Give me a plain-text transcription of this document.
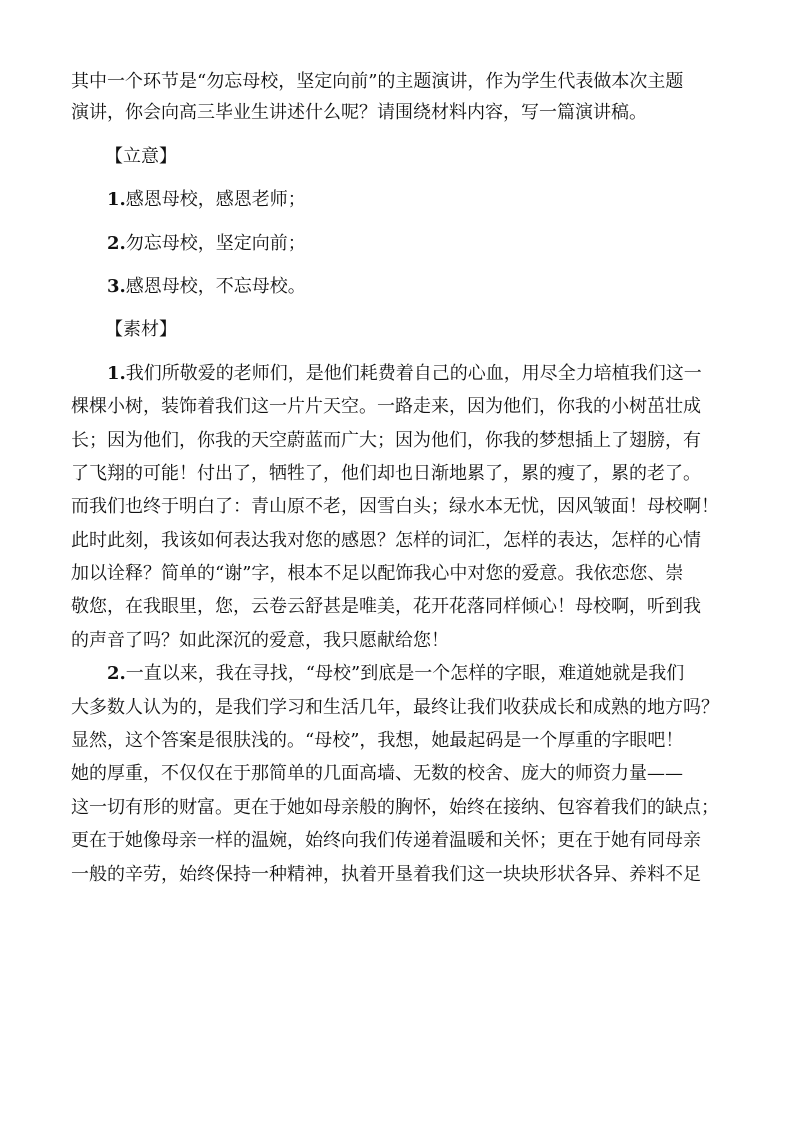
其中一个环节是“勿忘母校，坚定向前”的主题演讲，作为学生代表做本次主题
演讲，你会向高三毕业生讲述什么呢？请围绕材料内容，写一篇演讲稿。
【立意】
1.感恩母校，感恩老师；
2.勿忘母校，坚定向前；
3.感恩母校，不忘母校。
【素材】
1.我们所敬爱的老师们，是他们耗费着自己的心血，用尽全力培植我们这一
棵棵小树，装饰着我们这一片片天空。一路走来，因为他们，你我的小树茁壮成
长；因为他们，你我的天空蔚蓝而广大；因为他们，你我的梦想插上了翅膀，有
了飞翔的可能！付出了，牺牲了，他们却也日渐地累了，累的瘦了，累的老了。
而我们也终于明白了：青山原不老，因雪白头；绿水本无忧，因风皱面！母校啊！
此时此刻，我该如何表达我对您的感恩？怎样的词汇，怎样的表达，怎样的心情
加以诠释？简单的“谢”字，根本不足以配饰我心中对您的爱意。我依恋您、崇
敬您，在我眼里，您，云卷云舒甚是唯美，花开花落同样倾心！母校啊，听到我
的声音了吗？如此深沉的爱意，我只愿献给您！
2.一直以来，我在寻找，“母校”到底是一个怎样的字眼，难道她就是我们
大多数人认为的，是我们学习和生活几年，最终让我们收获成长和成熟的地方吗？
显然，这个答案是很肤浅的。“母校”，我想，她最起码是一个厚重的字眼吧！
她的厚重，不仅仅在于那简单的几面高墙、无数的校舍、庞大的师资力量——
这一切有形的财富。更在于她如母亲般的胸怀，始终在接纳、包容着我们的缺点；
更在于她像母亲一样的温婉，始终向我们传递着温暖和关怀；更在于她有同母亲
一般的辛劳，始终保持一种精神，执着开垦着我们这一块块形状各异、养料不足
